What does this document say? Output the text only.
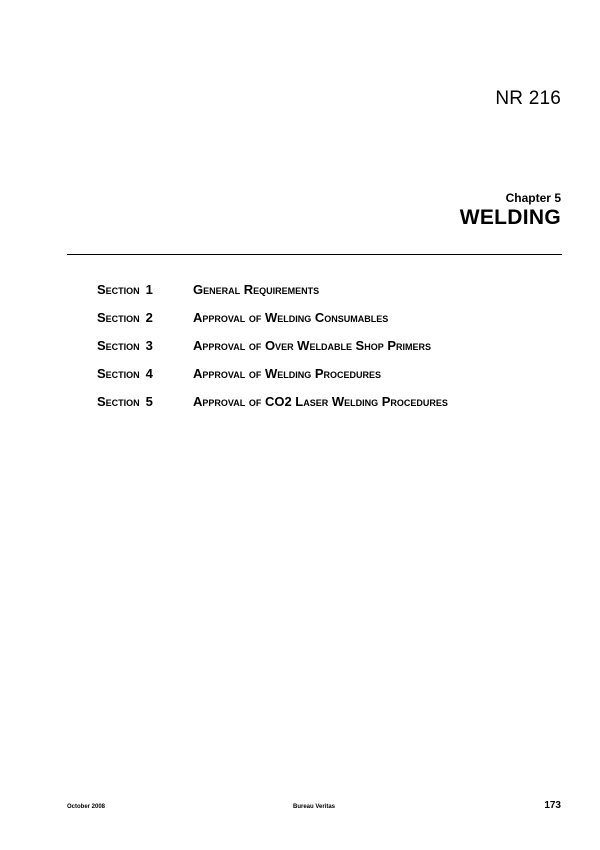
NR 216
Chapter 5
WELDING
Section 1	General Requirements
Section 2	Approval of Welding Consumables
Section 3	Approval of Over Weldable Shop Primers
Section 4	Approval of Welding Procedures
Section 5	Approval of CO2 Laser Welding Procedures
October 2008	Bureau Veritas	173
